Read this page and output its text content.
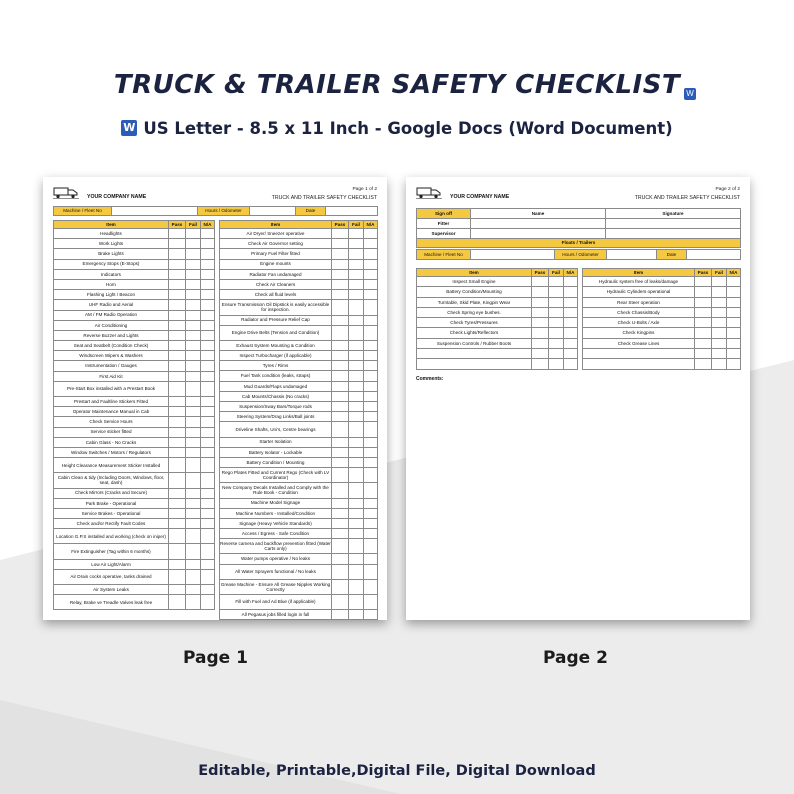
TRUCK & TRAILER SAFETY CHECKLIST W
W US Letter - 8.5 x 11 Inch - Google Docs (Word Document)
YOUR COMPANY NAME
Page 1 of 2
TRUCK AND TRAILER SAFETY CHECKLIST
Machine / Fleet No		Hours / Odometer		Date	
Item	Pass	Fail	N/A
Headlights			
Work Lights			
Brake Lights			
Emergency Stops (E-Stops)			
Indicators			
Horn			
Flashing Light / Beacon			
UHF Radio and Aerial			
AM / FM Radio Operation			
Air Conditioning			
Reverse Buzzer and Lights			
Seat and Seatbelt (Condition Check)			
Windscreen Wipers & Washers			
Instrumentation / Gauges			
First Aid Kit			
Pre-Start Box installed with a Prestart Book			
Prestart and Faultline Stickers Fitted			
Operator Maintenance Manual in Cab			
Check Service Hours			
Service sticker fitted			
Cabin Glass - No Cracks			
Window Switches / Motors / Regulators			
Height Clearance Measurement Sticker Installed			
Cabin Clean & tidy (Including Doors, Windows, floor, seat, dash)			
Check Mirrors (Cracks and Secure)			
Park Brake - Operational			
Service Brakes - Operational			
Check and/or Rectify Fault Codes			
Location G.P.S installed and working (check on iniper)			
Fire Extinguisher (Tag within 6 months)			
Low Air Light/Alarm			
Air Drain cocks operative, tanks drained			
Air System Leaks			
Relay, Brake ve Treadle Valves leak free			
Item	Pass	Fail	N/A
Air Dryer/ Sneezer operative			
Check Air Governor setting			
Primary Fuel Filter fitted			
Engine mounts			
Radiator Fan undamaged			
Check Air Cleaners			
Check all fluid levels			
Ensure Transmission Oil Dipstick is easily accessible for inspection.			
Radiator and Pressure Relief Cap			
Engine Drive Belts (Tension and Condition)			
Exhaust System Mounting & Condition			
Inspect Turbocharger (if applicable)			
Tyres / Rims			
Fuel Tank condition (leaks, straps)			
Mud Guards/Flaps undamaged			
Cab Mounts/Chassis (No cracks)			
Suspension/Sway Bars/Torque rods			
Steering System/Drag Links/Ball joints			
Driveline Shafts, Uni's, Centre bearings			
Starter Isolation			
Battery Isolator - Lockable			
Battery Condition / Mounting			
Rego Plates Fitted and Current Rego (Check with LV Coordinator)			
New Company Decals Installed and Comply with the Rule Book - Condition			
Machine Model Signage			
Machine Numbers - Installed/Condition			
Signage (Heavy Vehicle Standards)			
Access / Egress - Safe Condition			
Reverse camera and backflow prevention fitted (Water Carts only)			
Water pumps operative / No leaks			
All Water Sprayers functional / No leaks			
Grease Machine - Ensure All Grease Nipples Working Correctly			
Fill with Fuel and Ad Blue (if applicable)			
All Pegasus jobs filled login in full			
YOUR COMPANY NAME
Page 2 of 2
TRUCK AND TRAILER SAFETY CHECKLIST
Sign off	Name	Signature
Fitter		
Supervisor		
Floats / Trailers		
Machine / Fleet No		Hours / Odometer		Date	
Item	Pass	Fail	N/A
Inspect Small Engine			
Battery Condition/Mounting			
Turntable, Skid Plate, Kingpin Wear			
Check Spring eye bushes.			
Check Tyres/Pressures			
Check Lights/Reflectors			
Suspension Controls / Rubber Boots			

Item	Pass	Fail	N/A
Hydraulic system free of leaks/damage			
Hydraulic Cylinders operational			
Rear Steer operation			
Check Chassis/Body			
Check U-Bolts / Axle			
Check Kingpins			
Check Grease Lines			

Comments:
Page 1	Page 2
Editable, Printable,Digital File, Digital Download
